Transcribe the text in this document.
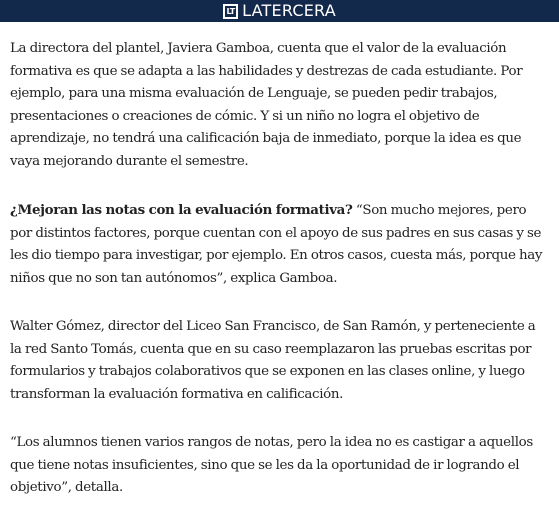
LT LATERCERA

La directora del plantel, Javiera Gamboa, cuenta que el valor de la evaluación formativa es que se adapta a las habilidades y destrezas de cada estudiante. Por ejemplo, para una misma evaluación de Lenguaje, se pueden pedir trabajos, presentaciones o creaciones de cómic. Y si un niño no logra el objetivo de aprendizaje, no tendrá una calificación baja de inmediato, porque la idea es que vaya mejorando durante el semestre.

¿Mejoran las notas con la evaluación formativa? “Son mucho mejores, pero por distintos factores, porque cuentan con el apoyo de sus padres en sus casas y se les dio tiempo para investigar, por ejemplo. En otros casos, cuesta más, porque hay niños que no son tan autónomos”, explica Gamboa.

Walter Gómez, director del Liceo San Francisco, de San Ramón, y perteneciente a la red Santo Tomás, cuenta que en su caso reemplazaron las pruebas escritas por formularios y trabajos colaborativos que se exponen en las clases online, y luego transforman la evaluación formativa en calificación.

“Los alumnos tienen varios rangos de notas, pero la idea no es castigar a aquellos que tiene notas insuficientes, sino que se les da la oportunidad de ir logrando el objetivo”, detalla.
